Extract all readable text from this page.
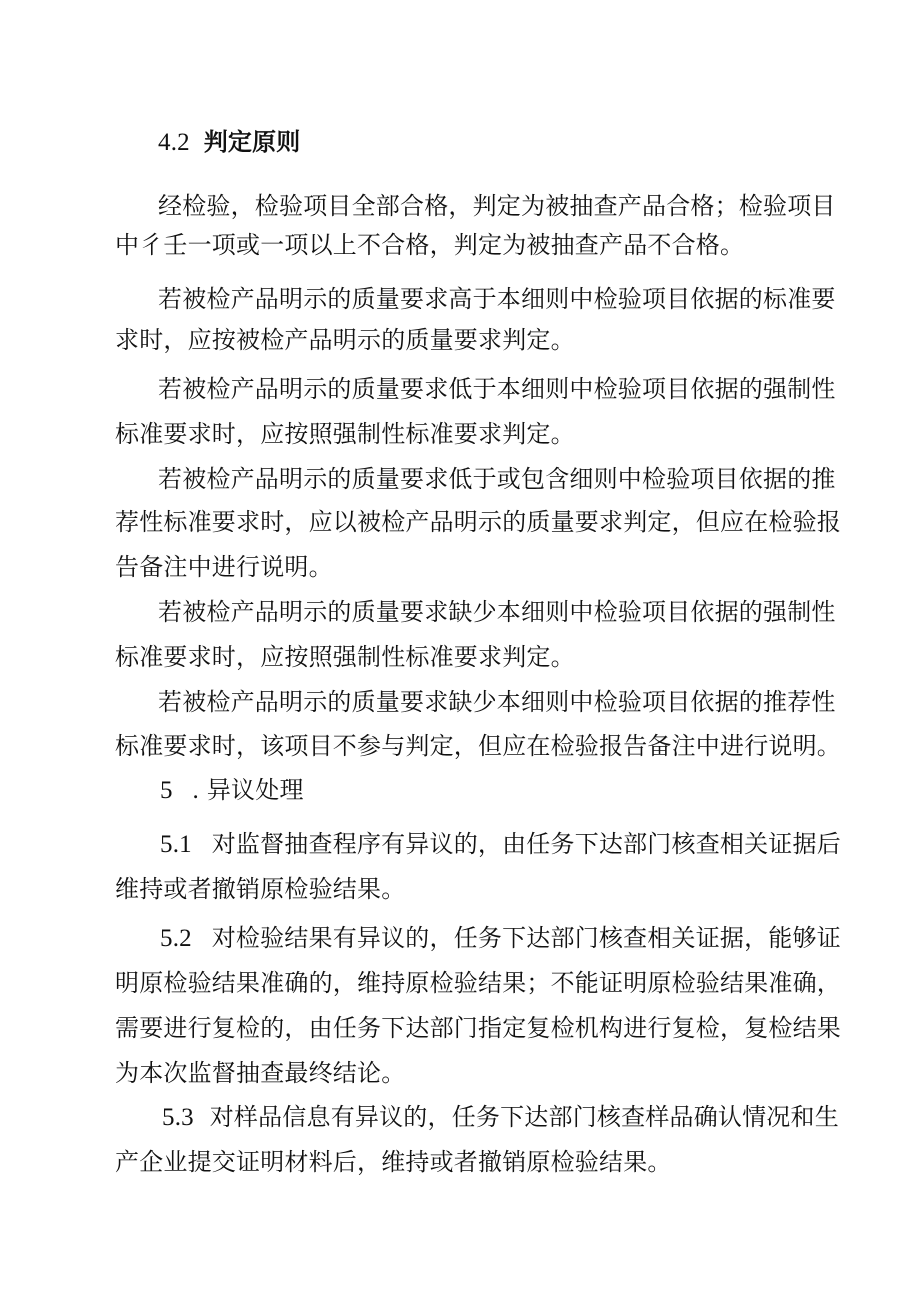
4.2 判定原则
经检验，检验项目全部合格，判定为被抽查产品合格；检验项目
中彳壬一项或一项以上不合格，判定为被抽查产品不合格。
若被检产品明示的质量要求高于本细则中检验项目依据的标准要
求时，应按被检产品明示的质量要求判定。
若被检产品明示的质量要求低于本细则中检验项目依据的强制性
标准要求时，应按照强制性标准要求判定。
若被检产品明示的质量要求低于或包含细则中检验项目依据的推
荐性标准要求时，应以被检产品明示的质量要求判定，但应在检验报
告备注中进行说明。
若被检产品明示的质量要求缺少本细则中检验项目依据的强制性
标准要求时，应按照强制性标准要求判定。
若被检产品明示的质量要求缺少本细则中检验项目依据的推荐性
标准要求时，该项目不参与判定，但应在检验报告备注中进行说明。
5 . 异议处理
5.1 对监督抽查程序有异议的，由任务下达部门核查相关证据后
维持或者撤销原检验结果。
5.2 对检验结果有异议的，任务下达部门核查相关证据，能够证
明原检验结果准确的，维持原检验结果；不能证明原检验结果准确，
需要进行复检的，由任务下达部门指定复检机构进行复检，复检结果
为本次监督抽查最终结论。
5.3 对样品信息有异议的，任务下达部门核查样品确认情况和生
产企业提交证明材料后，维持或者撤销原检验结果。
